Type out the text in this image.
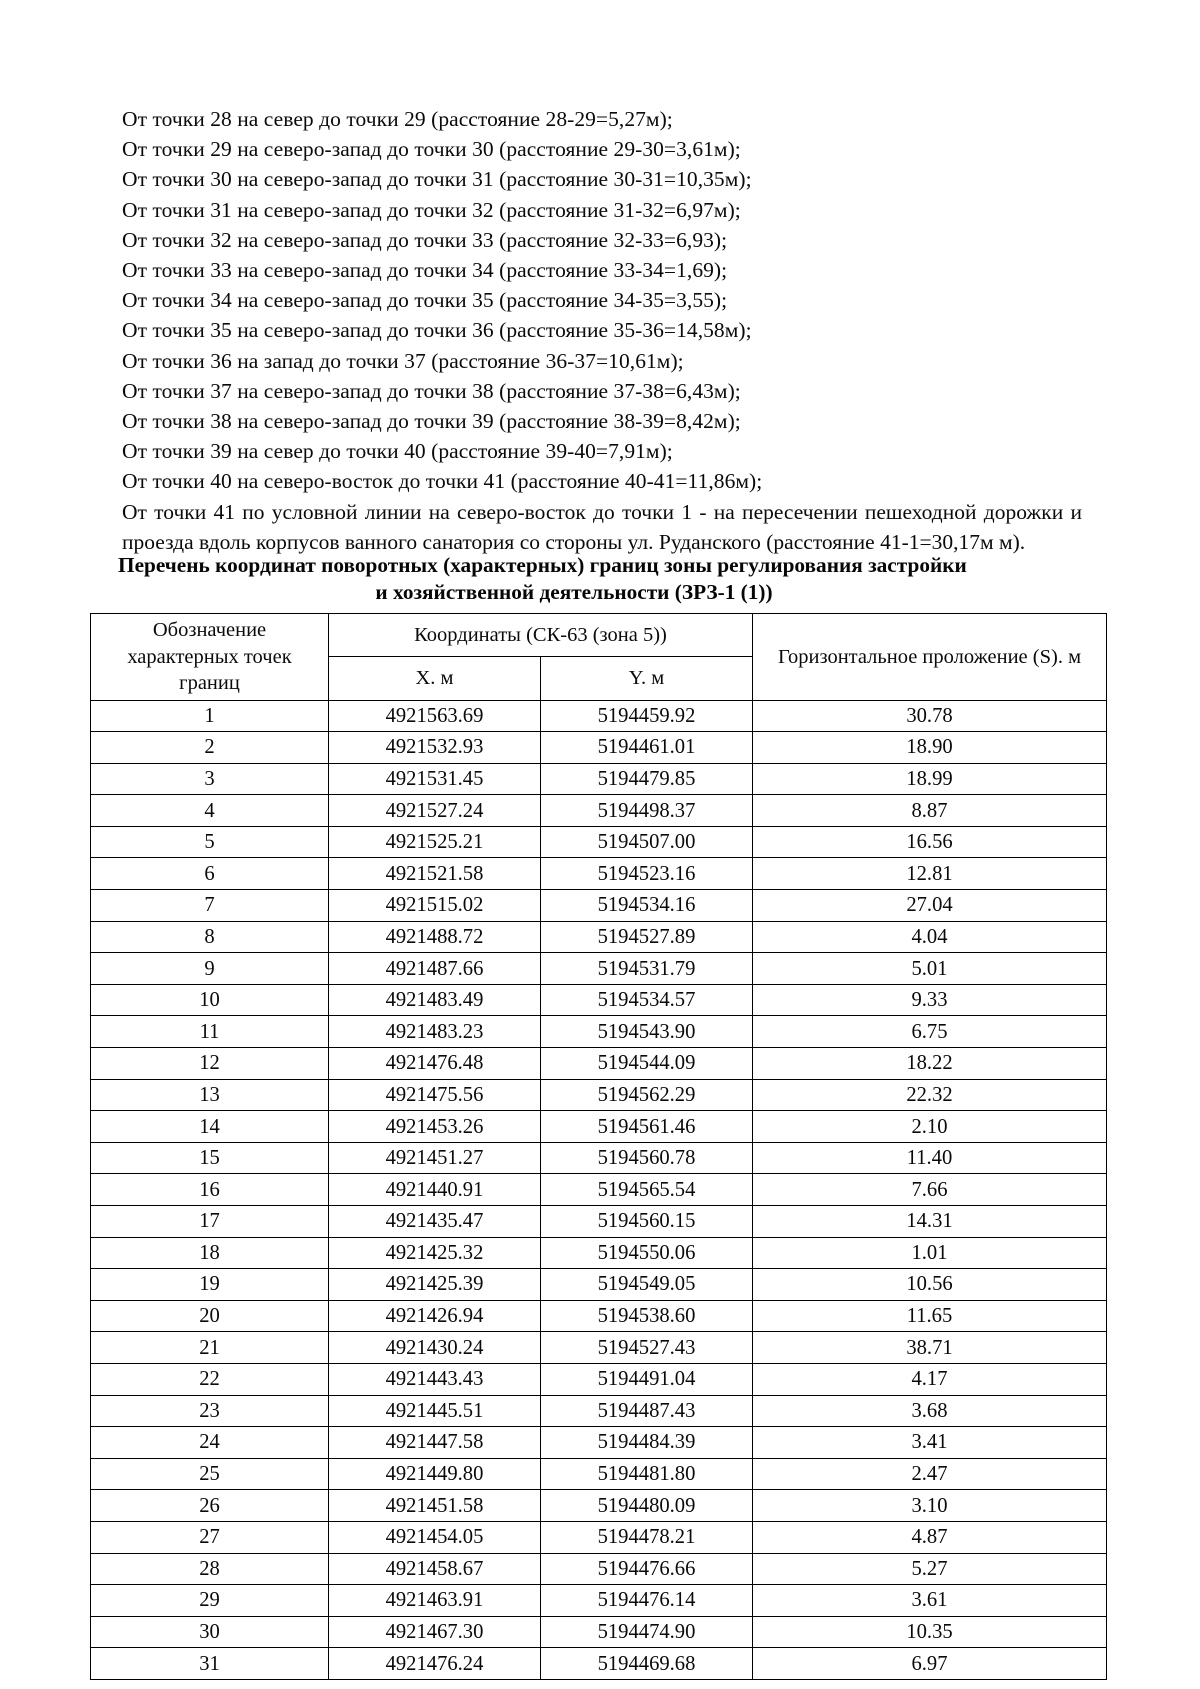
От точки 28 на север до точки 29 (расстояние 28-29=5,27м);
От точки 29 на северо-запад до точки 30 (расстояние 29-30=3,61м);
От точки 30 на северо-запад до точки 31 (расстояние 30-31=10,35м);
От точки 31 на северо-запад до точки 32 (расстояние 31-32=6,97м);
От точки 32 на северо-запад до точки 33 (расстояние 32-33=6,93);
От точки 33 на северо-запад до точки 34 (расстояние 33-34=1,69);
От точки 34 на северо-запад до точки 35 (расстояние 34-35=3,55);
От точки 35 на северо-запад до точки 36 (расстояние 35-36=14,58м);
От точки 36 на запад до точки 37 (расстояние 36-37=10,61м);
От точки 37 на северо-запад до точки 38 (расстояние 37-38=6,43м);
От точки 38 на северо-запад до точки 39 (расстояние 38-39=8,42м);
От точки 39 на север до точки 40 (расстояние 39-40=7,91м);
От точки 40 на северо-восток до точки 41 (расстояние 40-41=11,86м);
От точки 41 по условной линии на северо-восток до точки 1 - на пересечении пешеходной дорожки и проезда вдоль корпусов ванного санатория со стороны ул. Руданского (расстояние 41-1=30,17м м).
Перечень координат поворотных (характерных) границ зоны регулирования застройки
и хозяйственной деятельности (ЗРЗ-1 (1))
Обозначение характерных точек границ	Координаты (СК-63 (зона 5))		Горизонтальное проложение (S). м
	X. м	Y. м	
1	4921563.69	5194459.92	30.78
2	4921532.93	5194461.01	18.90
3	4921531.45	5194479.85	18.99
4	4921527.24	5194498.37	8.87
5	4921525.21	5194507.00	16.56
6	4921521.58	5194523.16	12.81
7	4921515.02	5194534.16	27.04
8	4921488.72	5194527.89	4.04
9	4921487.66	5194531.79	5.01
10	4921483.49	5194534.57	9.33
11	4921483.23	5194543.90	6.75
12	4921476.48	5194544.09	18.22
13	4921475.56	5194562.29	22.32
14	4921453.26	5194561.46	2.10
15	4921451.27	5194560.78	11.40
16	4921440.91	5194565.54	7.66
17	4921435.47	5194560.15	14.31
18	4921425.32	5194550.06	1.01
19	4921425.39	5194549.05	10.56
20	4921426.94	5194538.60	11.65
21	4921430.24	5194527.43	38.71
22	4921443.43	5194491.04	4.17
23	4921445.51	5194487.43	3.68
24	4921447.58	5194484.39	3.41
25	4921449.80	5194481.80	2.47
26	4921451.58	5194480.09	3.10
27	4921454.05	5194478.21	4.87
28	4921458.67	5194476.66	5.27
29	4921463.91	5194476.14	3.61
30	4921467.30	5194474.90	10.35
31	4921476.24	5194469.68	6.97
